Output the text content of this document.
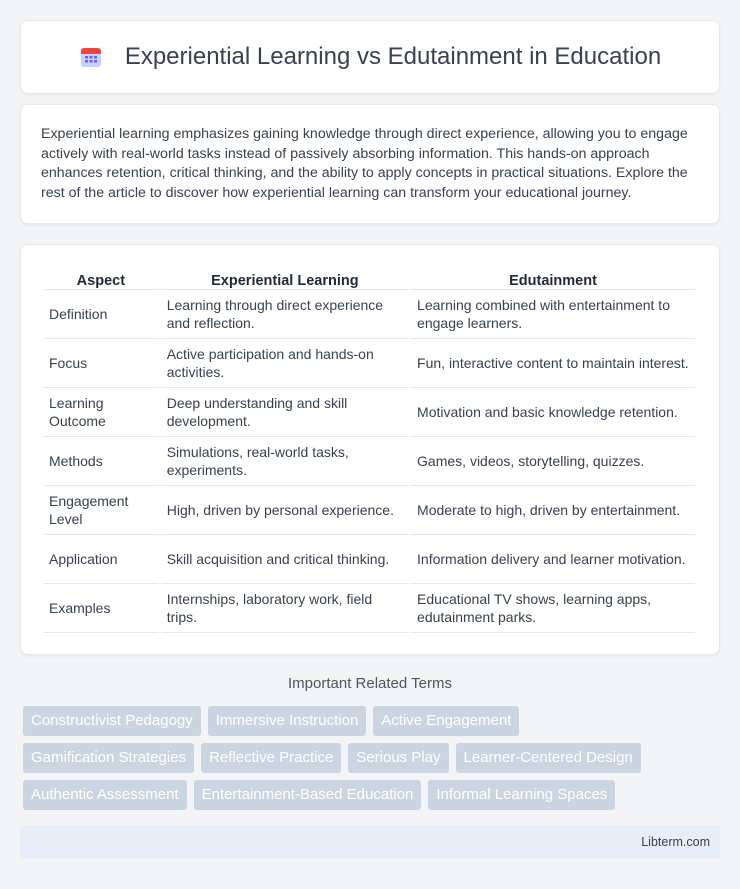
Experiential Learning vs Edutainment in Education

Experiential learning emphasizes gaining knowledge through direct experience, allowing you to engage actively with real-world tasks instead of passively absorbing information. This hands-on approach enhances retention, critical thinking, and the ability to apply concepts in practical situations. Explore the rest of the article to discover how experiential learning can transform your educational journey.

Aspect	Experiential Learning	Edutainment
Definition	Learning through direct experience and reflection.	Learning combined with entertainment to engage learners.
Focus	Active participation and hands-on activities.	Fun, interactive content to maintain interest.
Learning Outcome	Deep understanding and skill development.	Motivation and basic knowledge retention.
Methods	Simulations, real-world tasks, experiments.	Games, videos, storytelling, quizzes.
Engagement Level	High, driven by personal experience.	Moderate to high, driven by entertainment.
Application	Skill acquisition and critical thinking.	Information delivery and learner motivation.
Examples	Internships, laboratory work, field trips.	Educational TV shows, learning apps, edutainment parks.
Important Related Terms
Constructivist Pedagogy	Immersive Instruction	Active Engagement
Gamification Strategies	Reflective Practice	Serious Play	Learner-Centered Design
Authentic Assessment	Entertainment-Based Education	Informal Learning Spaces
Libterm.com
